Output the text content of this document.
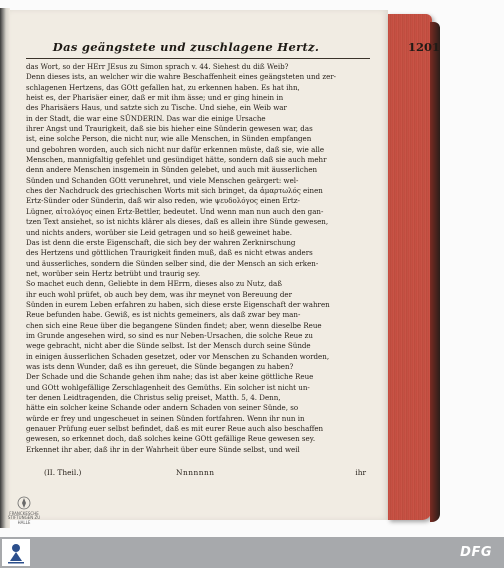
Das geängstete und zuschlagene Hertz.	1201
das Wort, so der HErr JEsus zu Simon sprach v. 44. Siehest du diß Weib?
Denn dieses ists, an welcher wir die wahre Beschaffenheit eines geängsteten und zer-
schlagenen Hertzens, das GOtt gefallen hat, zu erkennen haben. Es hat ihn,
heist es, der Pharisäer einer, daß er mit ihm ässe; und er ging hinein in
des Pharisäers Haus, und satzte sich zu Tische. Und siehe, ein Weib war
in der Stadt, die war eine SÜNDERIN. Das war die einige Ursache
ihrer Angst und Traurigkeit, daß sie bis hieher eine Sünderin gewesen war, das
ist, eine solche Person, die nicht nur, wie alle Menschen, in Sünden empfangen
und gebohren worden, auch sich nicht nur dafür erkennen müste, daß sie, wie alle
Menschen, mannigfaltig gefehlet und gesündiget hätte, sondern daß sie auch mehr
denn andere Menschen insgemein in Sünden gelebet, und auch mit äusserlichen
Sünden und Schanden GOtt verunehret, und viele Menschen geärgert: wel-
ches der Nachdruck des griechischen Worts mit sich bringet, da ἁμαρτωλός einen
Ertz-Sünder oder Sünderin, daß wir also reden, wie ψευδολόγος einen Ertz-
Lügner, αἰτολόγος einen Ertz-Bettler, bedeutet. Und wenn man nun auch den gan-
tzen Text ansiehet, so ist nichts klärer als dieses, daß es allein ihre Sünde gewesen,
und nichts anders, worüber sie Leid getragen und so heiß geweinet habe.
Das ist denn die erste Eigenschaft, die sich bey der wahren Zerknirschung
des Hertzens und göttlichen Traurigkeit finden muß, daß es nicht etwas anders
und äusserliches, sondern die Sünden selber sind, die der Mensch an sich erken-
net, worüber sein Hertz betrübt und traurig sey.
So machet euch denn, Geliebte in dem HErrn, dieses also zu Nutz, daß
ihr euch wohl prüfet, ob auch bey dem, was ihr meynet von Bereuung der
Sünden in eurem Leben erfahren zu haben, sich diese erste Eigenschaft der wahren
Reue befunden habe. Gewiß, es ist nichts gemeiners, als daß zwar bey man-
chen sich eine Reue über die begangene Sünden findet; aber, wenn dieselbe Reue
im Grunde angesehen wird, so sind es nur Neben-Ursachen, die solche Reue zu
wege gebracht, nicht aber die Sünde selbst. Ist der Mensch durch seine Sünde
in einigen äusserlichen Schaden gesetzet, oder vor Menschen zu Schanden worden,
was ists denn Wunder, daß es ihn gereuet, die Sünde begangen zu haben?
Der Schade und die Schande gehen ihm nahe; das ist aber keine göttliche Reue
und GOtt wohlgefällige Zerschlagenheit des Gemüths. Ein solcher ist nicht un-
ter denen Leidtragenden, die Christus selig preiset, Matth. 5, 4. Denn,
hätte ein solcher keine Schande oder andern Schaden von seiner Sünde, so
würde er frey und ungescheuet in seinen Sünden fortfahren. Wenn ihr nun in
genauer Prüfung euer selbst befindet, daß es mit eurer Reue auch also beschaffen
gewesen, so erkennet doch, daß solches keine GOtt gefällige Reue gewesen sey.
Erkennet ihr aber, daß ihr in der Wahrheit über eure Sünde selbst, und weil
(II. Theil.)	Nnnnnnn	ihr
FRANCKESCHE STIFTUNGEN ZU HALLE
DFG
